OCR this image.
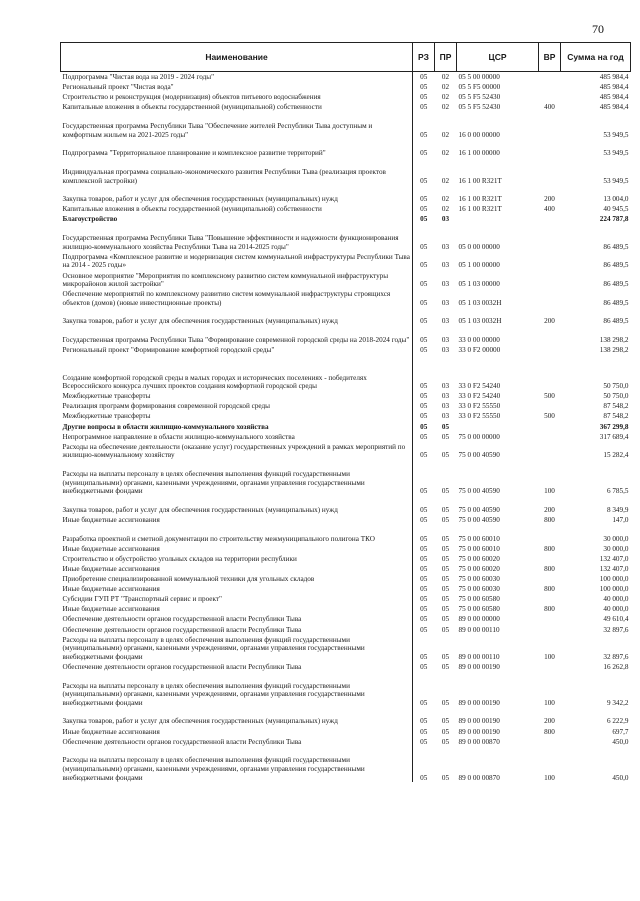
70
Наименование	РЗ	ПР	ЦСР	ВР	Сумма на год
Подпрограмма "Чистая вода на 2019 - 2024 годы"	05	02	05 5 00 00000		485 984,4
Региональный проект "Чистая вода"	05	02	05 5 F5 00000		485 984,4
Строительство и реконструкция (модернизация) объектов питьевого водоснабжения	05	02	05 5 F5 52430		485 984,4
Капитальные вложения в объекты государственной (муниципальной) собственности	05	02	05 5 F5 52430	400	485 984,4
Государственная программа Республики Тыва "Обеспечение жителей Республики Тыва доступным и комфортным жильем на 2021-2025 годы"	05	02	16 0 00 00000		53 949,5
Подпрограмма "Территориальное планирование и комплексное развитие территорий"	05	02	16 1 00 00000		53 949,5
Индивидуальная программа социально-экономического развития Республики Тыва (реализация проектов комплексной застройки)	05	02	16 1 00 R321T		53 949,5
Закупка товаров, работ и услуг для обеспечения государственных (муниципальных) нужд	05	02	16 1 00 R321T	200	13 004,0
Капитальные вложения в объекты государственной (муниципальной) собственности	05	02	16 1 00 R321T	400	40 945,5
Благоустройство	05	03			224 787,8
Государственная программа Республики Тыва "Повышение эффективности и надежности функционирования жилищно-коммунального хозяйства Республики Тыва на 2014-2025 годы"	05	03	05 0 00 00000		86 489,5
Подпрограмма «Комплексное развитие и модернизация систем коммунальной инфраструктуры Республики Тыва на 2014 - 2025 годы»	05	03	05 1 00 00000		86 489,5
Основное мероприятие "Мероприятия по комплексному развитию систем коммунальной инфраструктуры микрорайонов жилой застройки"	05	03	05 1 03 00000		86 489,5
Обеспечение мероприятий по комплексному развитию систем коммунальной инфраструктуры строящихся объектов (домов) (новые инвестиционные проекты)	05	03	05 1 03 0032H		86 489,5
Закупка товаров, работ и услуг для обеспечения государственных (муниципальных) нужд	05	03	05 1 03 0032H	200	86 489,5
Государственная программа Республики Тыва "Формирование современной городской среды на 2018-2024 годы"	05	03	33 0 00 00000		138 298,2
Региональный проект "Формирование комфортной городской среды"	05	03	33 0 F2 00000		138 298,2
Создание комфортной городской среды в малых городах и исторических поселениях - победителях Всероссийского конкурса лучших проектов создания комфортной городской среды	05	03	33 0 F2 54240		50 750,0
Межбюджетные трансферты	05	03	33 0 F2 54240	500	50 750,0
Реализация программ формирования современной городской среды	05	03	33 0 F2 55550		87 548,2
Межбюджетные трансферты	05	03	33 0 F2 55550	500	87 548,2
Другие вопросы в области жилищно-коммунального хозяйства	05	05			367 299,8
Непрограммное направление в области жилищно-коммунального хозяйства	05	05	75 0 00 00000		317 689,4
Расходы на обеспечение деятельности (оказание услуг) государственных учреждений в рамках мероприятий по жилищно-коммунальному хозяйству	05	05	75 0 00 40590		15 282,4
Расходы на выплаты персоналу в целях обеспечения выполнения функций государственными (муниципальными) органами, казенными учреждениями, органами управления государственными внебюджетными фондами	05	05	75 0 00 40590	100	6 785,5
Закупка товаров, работ и услуг для обеспечения государственных (муниципальных) нужд	05	05	75 0 00 40590	200	8 349,9
Иные бюджетные ассигнования	05	05	75 0 00 40590	800	147,0
Разработка проектной и сметной документации по строительству межмуниципального полигона ТКО	05	05	75 0 00 60010		30 000,0
Иные бюджетные ассигнования	05	05	75 0 00 60010	800	30 000,0
Строительство и обустройство угольных складов на территории республики	05	05	75 0 00 60020		132 407,0
Иные бюджетные ассигнования	05	05	75 0 00 60020	800	132 407,0
Приобретение специализированной коммунальной техники для угольных складов	05	05	75 0 00 60030		100 000,0
Иные бюджетные ассигнования	05	05	75 0 00 60030	800	100 000,0
Субсидии ГУП РТ "Транспортный сервис и проект"	05	05	75 0 00 60580		40 000,0
Иные бюджетные ассигнования	05	05	75 0 00 60580	800	40 000,0
Обеспечение деятельности органов государственной власти Республики Тыва	05	05	89 0 00 00000		49 610,4
Обеспечение деятельности органов государственной власти Республики Тыва	05	05	89 0 00 00110		32 897,6
Расходы на выплаты персоналу в целях обеспечения выполнения функций государственными (муниципальными) органами, казенными учреждениями, органами управления государственными внебюджетными фондами	05	05	89 0 00 00110	100	32 897,6
Обеспечение деятельности органов государственной власти Республики Тыва	05	05	89 0 00 00190		16 262,8
Расходы на выплаты персоналу в целях обеспечения выполнения функций государственными (муниципальными) органами, казенными учреждениями, органами управления государственными внебюджетными фондами	05	05	89 0 00 00190	100	9 342,2
Закупка товаров, работ и услуг для обеспечения государственных (муниципальных) нужд	05	05	89 0 00 00190	200	6 222,9
Иные бюджетные ассигнования	05	05	89 0 00 00190	800	697,7
Обеспечение деятельности органов государственной власти Республики Тыва	05	05	89 0 00 00870		450,0
Расходы на выплаты персоналу в целях обеспечения выполнения функций государственными (муниципальными) органами, казенными учреждениями, органами управления государственными внебюджетными фондами	05	05	89 0 00 00870	100	450,0
